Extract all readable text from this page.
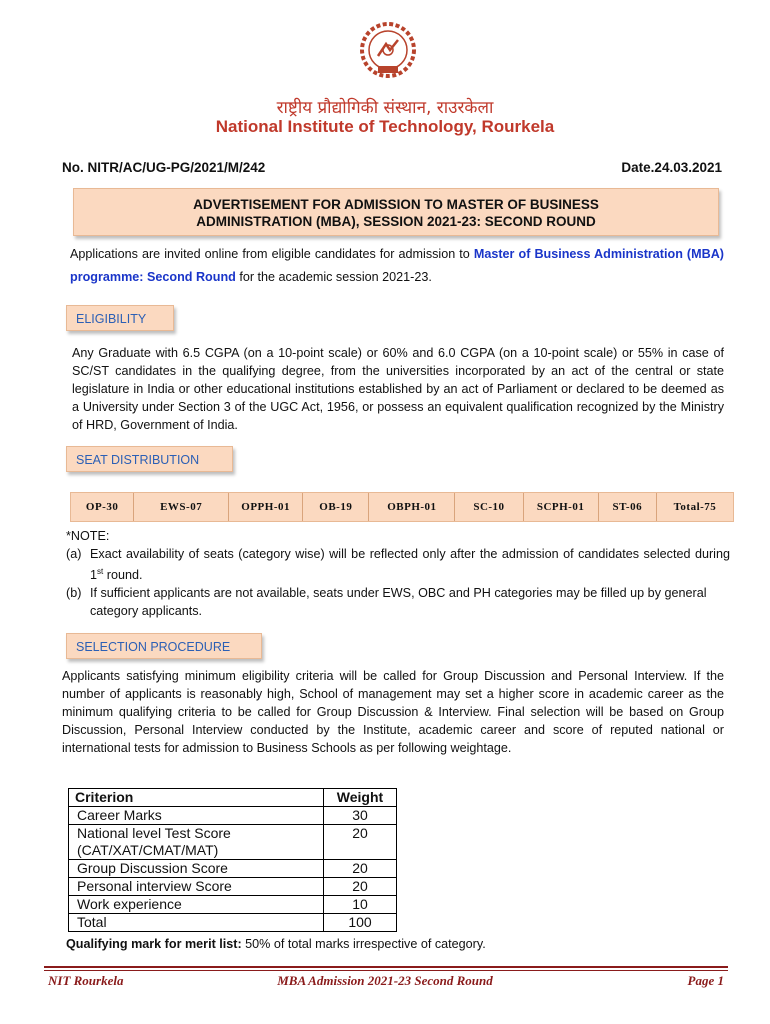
राष्ट्रीय प्रौद्योगिकी संस्थान, राउरकेला
National Institute of Technology, Rourkela
No. NITR/AC/UG-PG/2021/M/242	Date.24.03.2021
ADVERTISEMENT FOR ADMISSION TO MASTER OF BUSINESS
ADMINISTRATION (MBA), SESSION 2021-23: SECOND ROUND
Applications are invited online from eligible candidates for admission to Master of Business Administration (MBA) programme: Second Round for the academic session 2021-23.
ELIGIBILITY
Any Graduate with 6.5 CGPA (on a 10-point scale) or 60% and 6.0 CGPA (on a 10-point scale) or 55% in case of SC/ST candidates in the qualifying degree, from the universities incorporated by an act of the central or state legislature in India or other educational institutions established by an act of Parliament or declared to be deemed as a University under Section 3 of the UGC Act, 1956, or possess an equivalent qualification recognized by the Ministry of HRD, Government of India.
SEAT DISTRIBUTION
OP-30	EWS-07	OPPH-01	OB-19	OBPH-01	SC-10	SCPH-01	ST-06	Total-75
*NOTE:
(a) Exact availability of seats (category wise) will be reflected only after the admission of candidates selected during 1st round.
(b) If sufficient applicants are not available, seats under EWS, OBC and PH categories may be filled up by general category applicants.
SELECTION PROCEDURE
Applicants satisfying minimum eligibility criteria will be called for Group Discussion and Personal Interview. If the number of applicants is reasonably high, School of management may set a higher score in academic career as the minimum qualifying criteria to be called for Group Discussion & Interview. Final selection will be based on Group Discussion, Personal Interview conducted by the Institute, academic career and score of reputed national or international tests for admission to Business Schools as per following weightage.
Criterion	Weight
Career Marks	30
National level Test Score (CAT/XAT/CMAT/MAT)	20
Group Discussion Score	20
Personal interview Score	20
Work experience	10
Total	100
Qualifying mark for merit list: 50% of total marks irrespective of category.
NIT Rourkela	MBA Admission 2021-23 Second Round	Page 1
